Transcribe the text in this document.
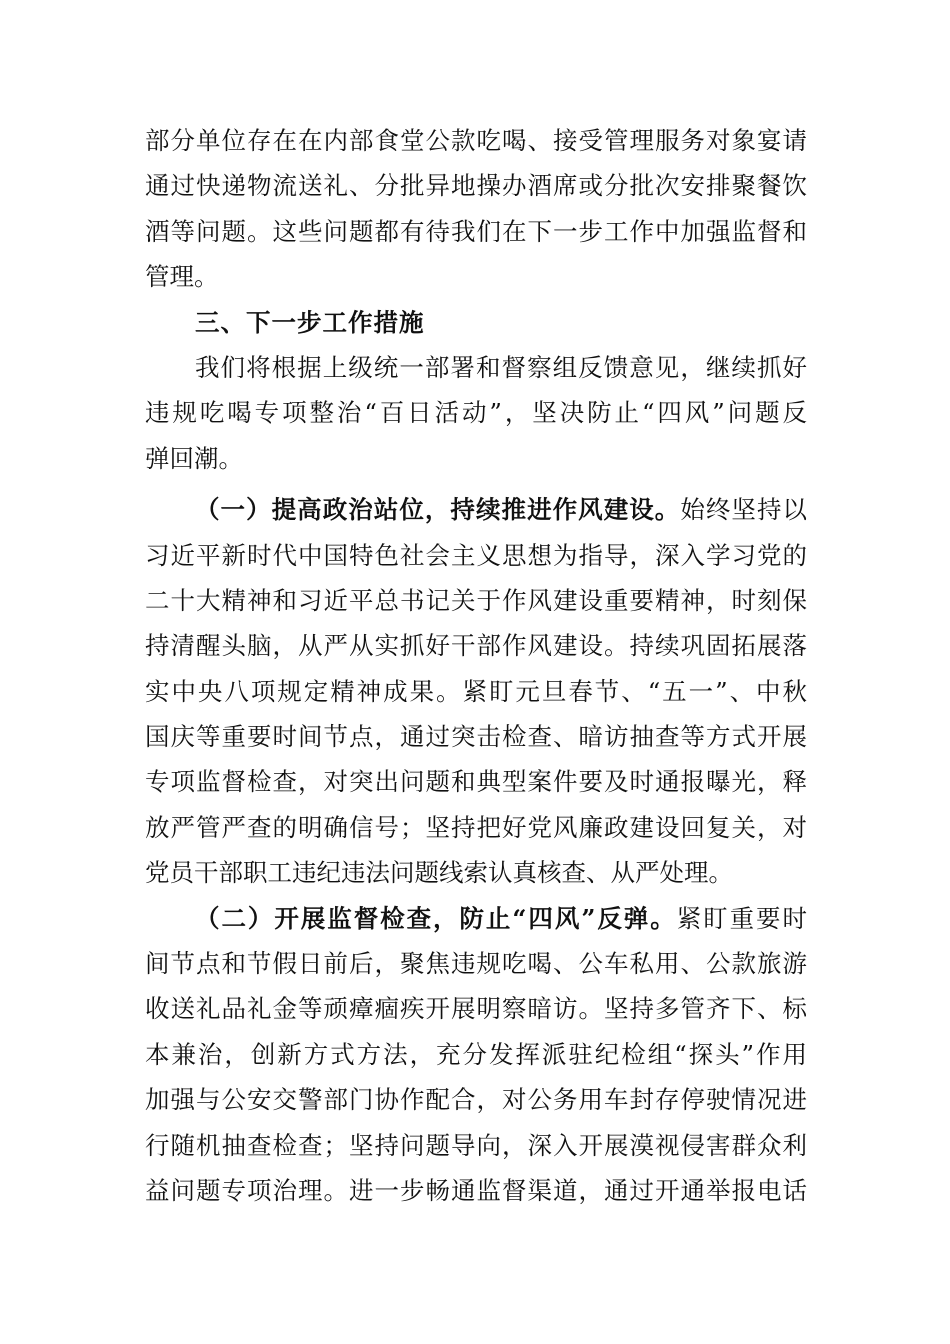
部分单位存在在内部食堂公款吃喝、接受管理服务对象宴请
通过快递物流送礼、分批异地操办酒席或分批次安排聚餐饮
酒等问题。这些问题都有待我们在下一步工作中加强监督和
管理。
三、下一步工作措施
我们将根据上级统一部署和督察组反馈意见，继续抓好
违规吃喝专项整治“百日活动”，坚决防止“四风”问题反
弹回潮。
（一）提高政治站位，持续推进作风建设。始终坚持以
习近平新时代中国特色社会主义思想为指导，深入学习党的
二十大精神和习近平总书记关于作风建设重要精神，时刻保
持清醒头脑，从严从实抓好干部作风建设。持续巩固拓展落
实中央八项规定精神成果。紧盯元旦春节、“五一”、中秋
国庆等重要时间节点，通过突击检查、暗访抽查等方式开展
专项监督检查，对突出问题和典型案件要及时通报曝光，释
放严管严查的明确信号；坚持把好党风廉政建设回复关，对
党员干部职工违纪违法问题线索认真核查、从严处理。
（二）开展监督检查，防止“四风”反弹。紧盯重要时
间节点和节假日前后，聚焦违规吃喝、公车私用、公款旅游
收送礼品礼金等顽瘴痼疾开展明察暗访。坚持多管齐下、标
本兼治，创新方式方法，充分发挥派驻纪检组“探头”作用
加强与公安交警部门协作配合，对公务用车封存停驶情况进
行随机抽查检查；坚持问题导向，深入开展漠视侵害群众利
益问题专项治理。进一步畅通监督渠道，通过开通举报电话
